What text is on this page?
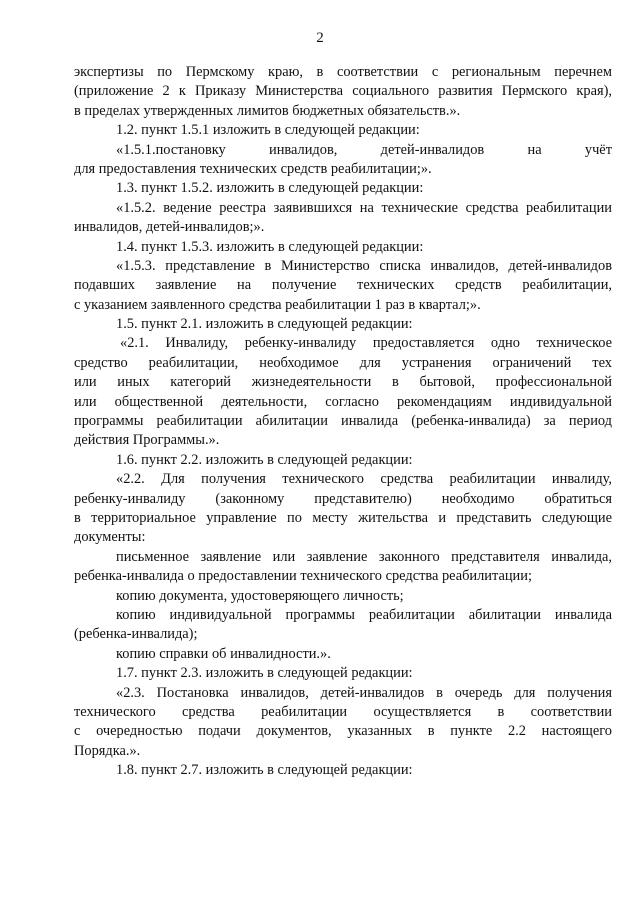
2
экспертизы по Пермскому краю, в соответствии с региональным перечнем
(приложение 2 к Приказу Министерства социального развития Пермского края),
в пределах утвержденных лимитов бюджетных обязательств.».
1.2. пункт 1.5.1 изложить в следующей редакции:
«1.5.1.постановку инвалидов, детей-инвалидов на учёт
для предоставления технических средств реабилитации;».
1.3. пункт 1.5.2. изложить в следующей редакции:
«1.5.2. ведение реестра заявившихся на технические средства реабилитации
инвалидов, детей-инвалидов;».
1.4. пункт 1.5.3. изложить в следующей редакции:
«1.5.3. представление в Министерство списка инвалидов, детей-инвалидов
подавших заявление на получение технических средств реабилитации,
с указанием заявленного средства реабилитации 1 раз в квартал;».
1.5. пункт 2.1. изложить в следующей редакции:
«2.1. Инвалиду, ребенку-инвалиду предоставляется одно техническое
средство реабилитации, необходимое для устранения ограничений тех
или иных категорий жизнедеятельности в бытовой, профессиональной
или общественной деятельности, согласно рекомендациям индивидуальной
программы реабилитации абилитации инвалида (ребенка-инвалида) за период
действия Программы.».
1.6. пункт 2.2. изложить в следующей редакции:
«2.2. Для получения технического средства реабилитации инвалиду,
ребенку-инвалиду (законному представителю) необходимо обратиться
в территориальное управление по месту жительства и представить следующие
документы:
письменное заявление или заявление законного представителя инвалида,
ребенка-инвалида о предоставлении технического средства реабилитации;
копию документа, удостоверяющего личность;
копию индивидуальной программы реабилитации абилитации инвалида
(ребенка-инвалида);
копию справки об инвалидности.».
1.7. пункт 2.3. изложить в следующей редакции:
«2.3. Постановка инвалидов, детей-инвалидов в очередь для получения
технического средства реабилитации осуществляется в соответствии
с очередностью подачи документов, указанных в пункте 2.2 настоящего
Порядка.».
1.8. пункт 2.7. изложить в следующей редакции:
